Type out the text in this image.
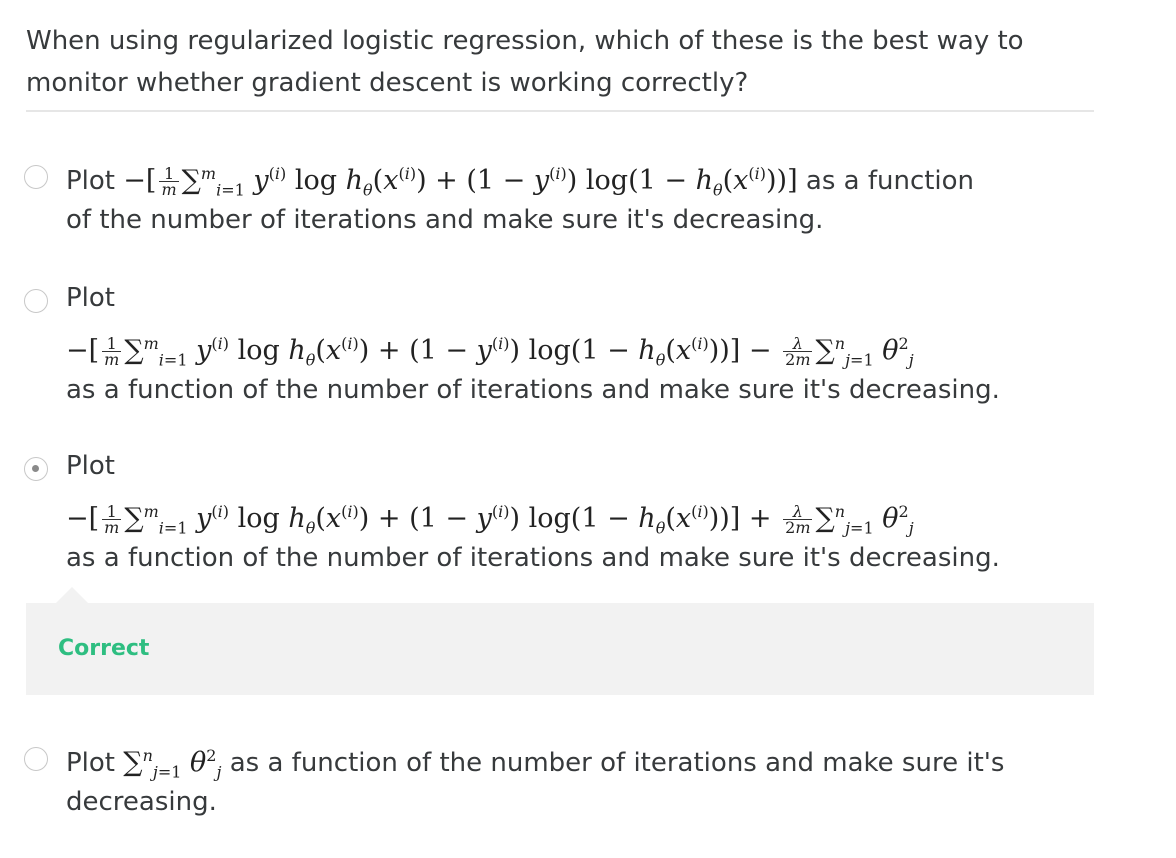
When using regularized logistic regression, which of these is the best way to monitor whether gradient descent is working correctly?
Plot −[ $\frac{1}{m} \sum^m_{i=1}$ $y^{(i)}$ $\log h_\theta(x^{(i)}) + (1 - y^{(i)}) \log(1 - h_\theta(x^{(i)}))$] as a function
of the number of iterations and make sure it's decreasing.
Plot
−[ $\frac{1}{m} \sum^m_{i=1}$ $y^{(i)}$ $\log h_\theta(x^{(i)}) + (1 - y^{(i)}) \log(1 - h_\theta(x^{(i)}))] - \frac{\lambda}{2m} \sum^n_{j=1}$ $\theta^2_j$
as a function of the number of iterations and make sure it's decreasing.
Plot
−[ $\frac{1}{m} \sum^m_{i=1}$ $y^{(i)}$ $\log h_\theta(x^{(i)}) + (1 - y^{(i)}) \log(1 - h_\theta(x^{(i)}))] + \frac{\lambda}{2m} \sum^n_{j=1}$ $\theta^2_j$
as a function of the number of iterations and make sure it's decreasing.
Correct
Plot ∑$^n_{j=1}$ $\theta^2_j$ as a function of the number of iterations and make sure it's
decreasing.
